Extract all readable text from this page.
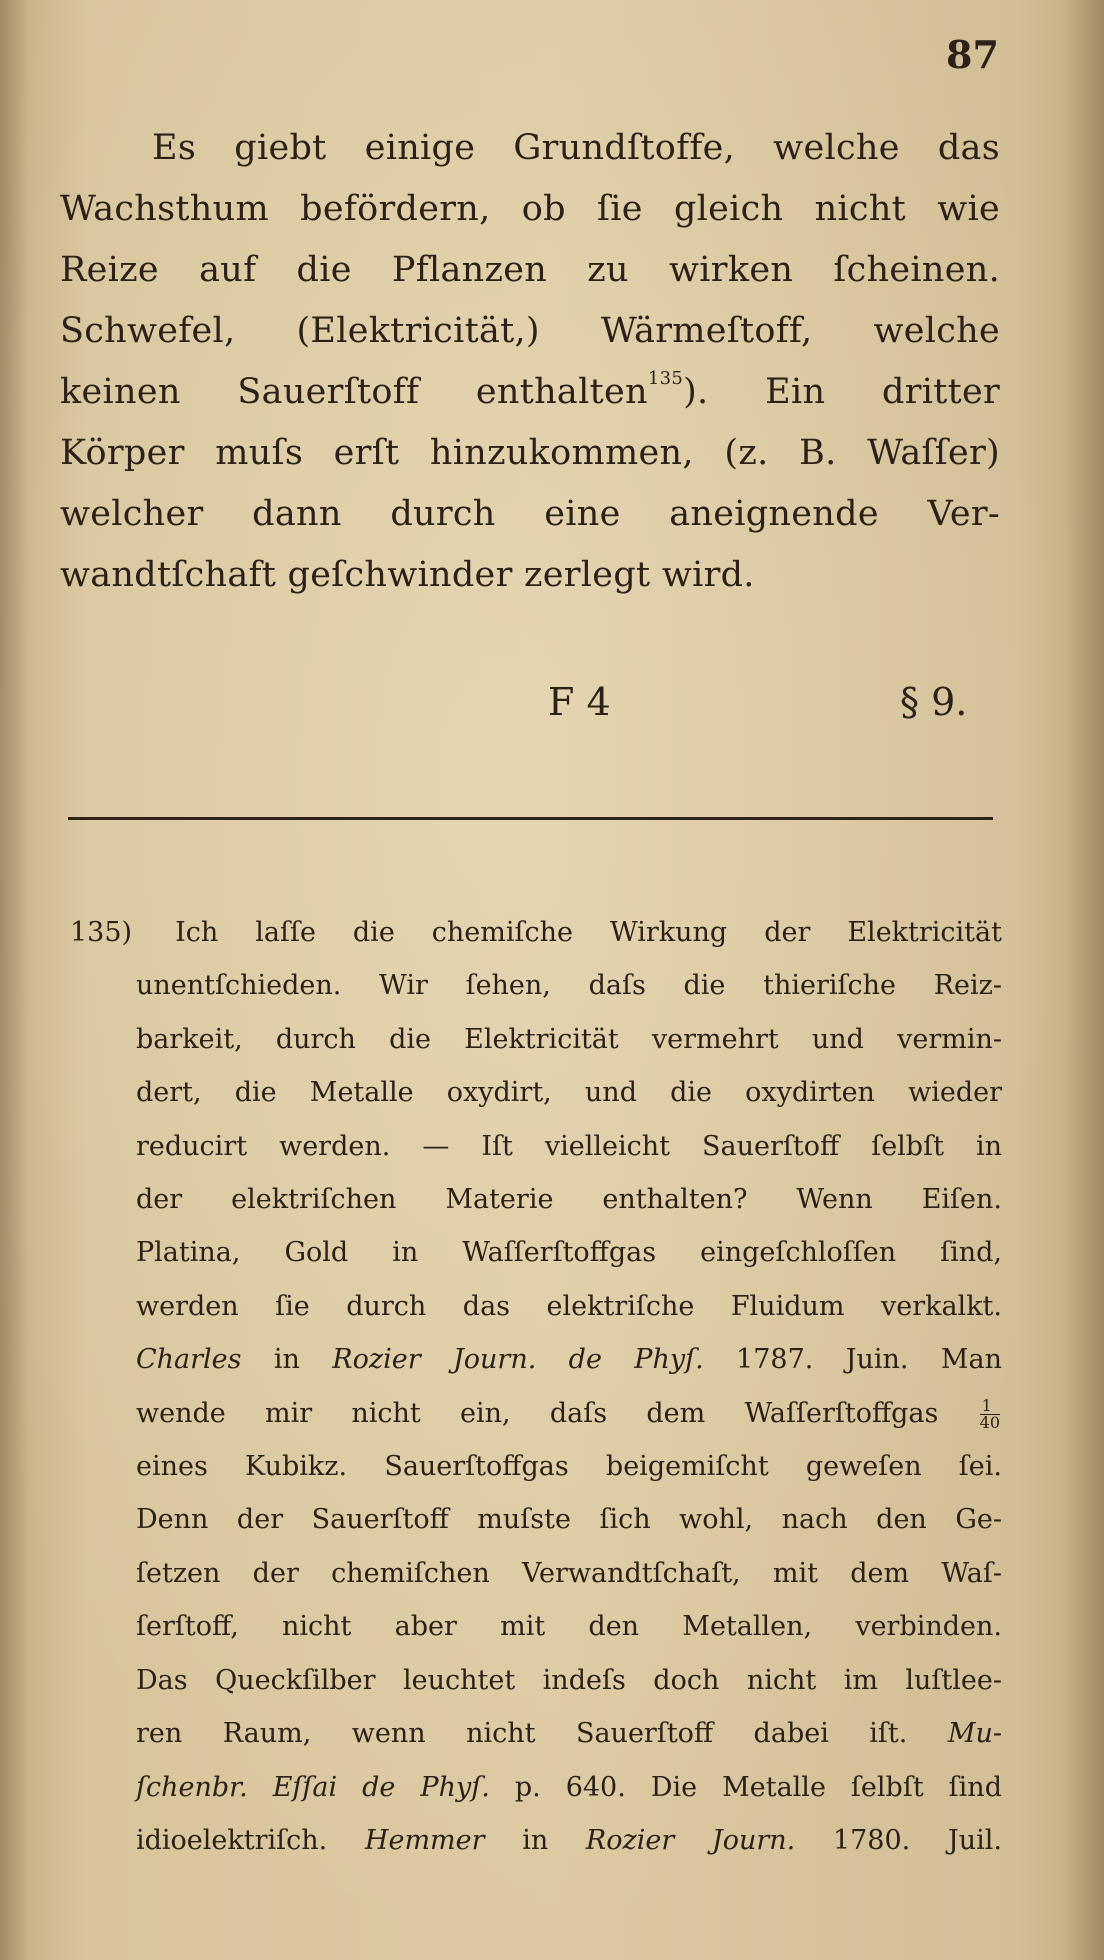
87
Es giebt einige Grundſtoffe, welche das
Wachsthum befördern, ob ſie gleich nicht wie
Reize auf die Pflanzen zu wirken ſcheinen.
Schwefel, (Elektricität,) Wärmeſtoff, welche
keinen Sauerſtoff enthalten$^{135}$). Ein dritter
Körper muſs erſt hinzukommen, (z. B. Waſſer)
welcher dann durch eine aneignende Ver-
wandtſchaft geſchwinder zerlegt wird.
F 4	§ 9.
135) Ich laſſe die chemiſche Wirkung der Elektricität
unentſchieden. Wir ſehen, daſs die thieriſche Reiz-
barkeit, durch die Elektricität vermehrt und vermin-
dert, die Metalle oxydirt, und die oxydirten wieder
reducirt werden. — Iſt vielleicht Sauerſtoff ſelbſt in
der elektriſchen Materie enthalten? Wenn Eiſen.
Platina, Gold in Waſſerſtoffgas eingeſchloſſen ſind,
werden ſie durch das elektriſche Fluidum verkalkt.
Charles in Rozier Journ. de Phyſ. 1787. Juin. Man
wende mir nicht ein, daſs dem Waſſerſtoffgas	$\frac{1}{40}$
eines Kubikz. Sauerſtoffgas beigemiſcht geweſen ſei.
Denn der Sauerſtoff muſste ſich wohl, nach den Ge-
ſetzen der chemiſchen Verwandtſchaſt, mit dem Waſ-
ſerſtoff, nicht aber mit den Metallen, verbinden.
Das Queckſilber leuchtet indeſs doch nicht im luſtlee-
ren Raum, wenn nicht Sauerſtoff dabei iſt. Mu-
ſchenbr. Eſſai de Phyſ. p. 640. Die Metalle ſelbſt ſind
idioelektriſch. Hemmer in Rozier Journ. 1780. Juil.
